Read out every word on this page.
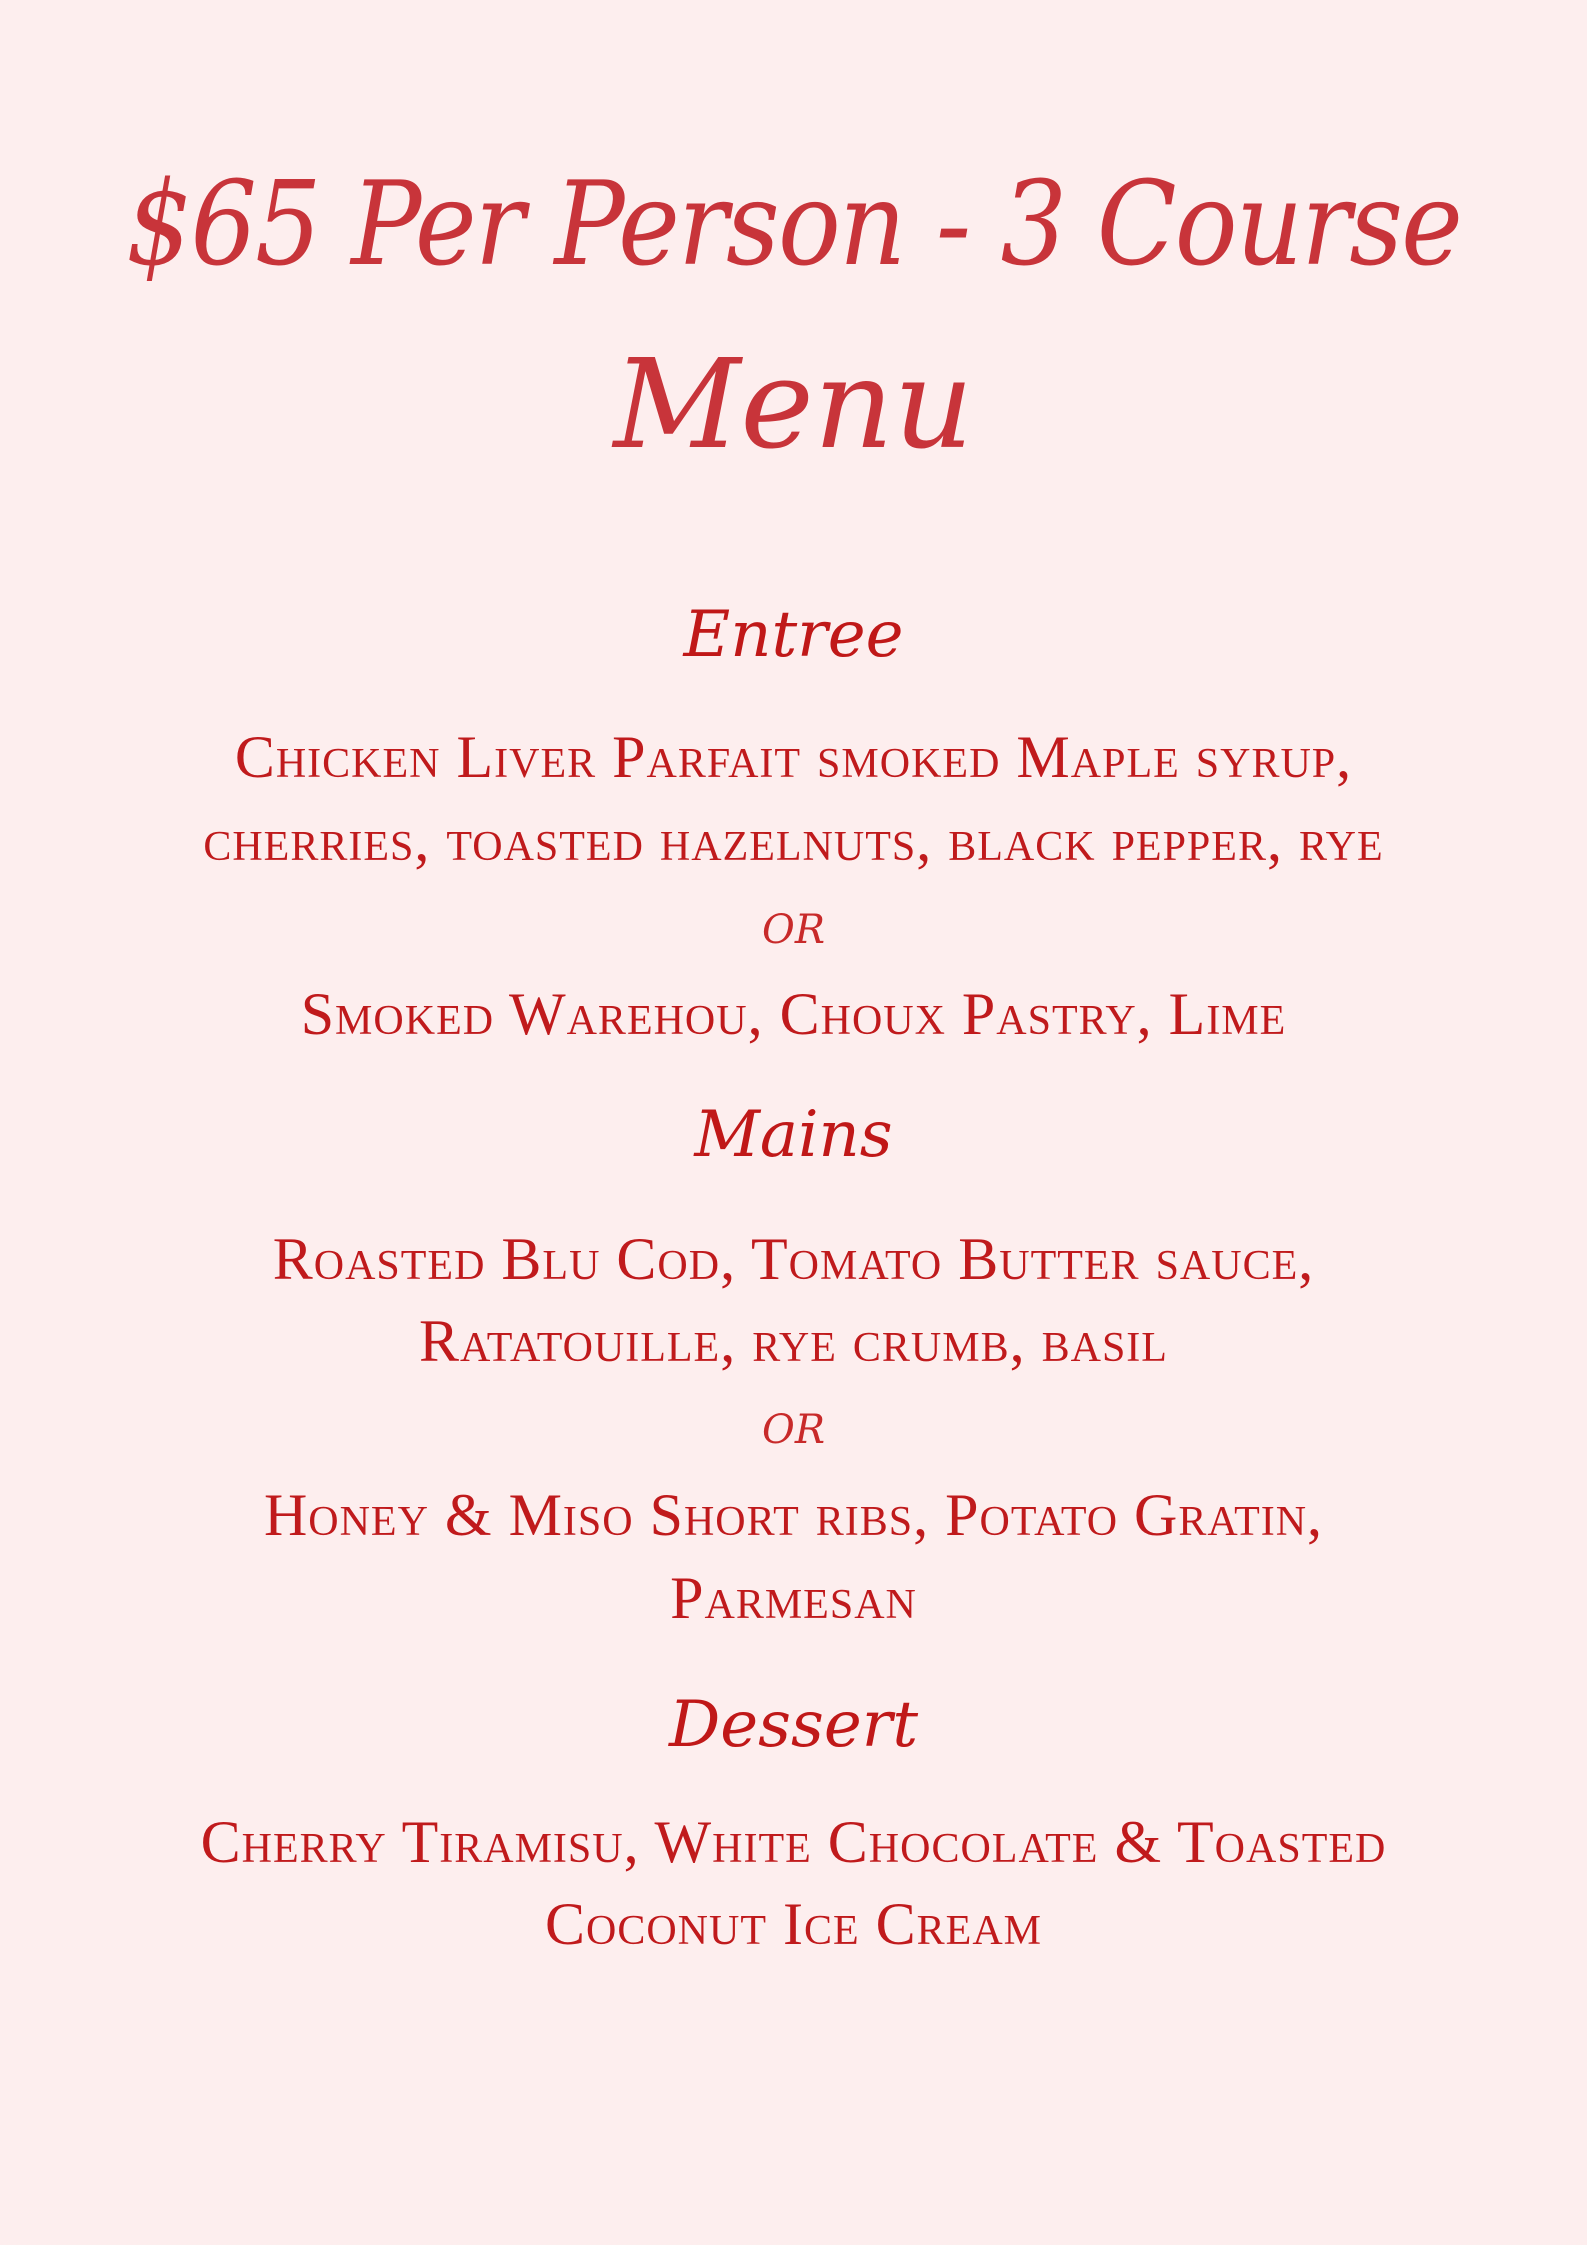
$65 Per Person - 3 Course
Menu
Entree
Chicken Liver Parfait smoked Maple syrup,
cherries, toasted hazelnuts, black pepper, rye
OR
Smoked Warehou, Choux Pastry, Lime
Mains
Roasted Blu Cod, Tomato Butter sauce,
Ratatouille, rye crumb, basil
OR
Honey & Miso Short ribs, Potato Gratin,
Parmesan
Dessert
Cherry Tiramisu, White Chocolate & Toasted
Coconut Ice Cream
